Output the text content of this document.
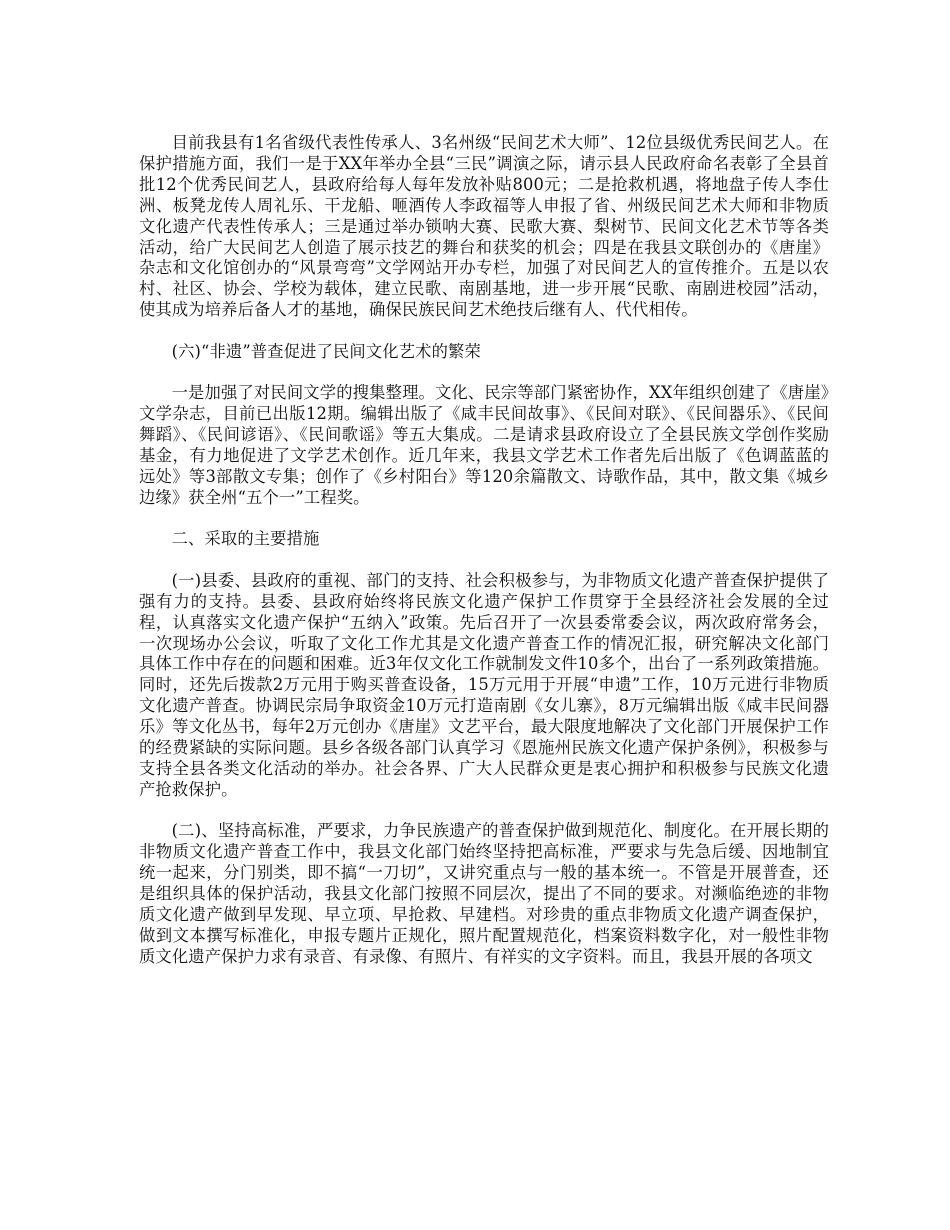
目前我县有1名省级代表性传承人、3名州级“民间艺术大师”、12位县级优秀民间艺人。在保护措施方面，我们一是于XX年举办全县“三民”调演之际，请示县人民政府命名表彰了全县首批12个优秀民间艺人，县政府给每人每年发放补贴800元；二是抢救机遇，将地盘子传人李仕洲、板凳龙传人周礼乐、干龙船、咂酒传人李政福等人申报了省、州级民间艺术大师和非物质文化遗产代表性传承人；三是通过举办锁呐大赛、民歌大赛、梨树节、民间文化艺术节等各类活动，给广大民间艺人创造了展示技艺的舞台和获奖的机会；四是在我县文联创办的《唐崖》杂志和文化馆创办的“风景弯弯”文学网站开办专栏，加强了对民间艺人的宣传推介。五是以农村、社区、协会、学校为载体，建立民歌、南剧基地，进一步开展“民歌、南剧进校园”活动，使其成为培养后备人才的基地，确保民族民间艺术绝技后继有人、代代相传。

(六)“非遗”普查促进了民间文化艺术的繁荣

一是加强了对民间文学的搜集整理。文化、民宗等部门紧密协作，XX年组织创建了《唐崖》文学杂志，目前已出版12期。编辑出版了《咸丰民间故事》、《民间对联》、《民间器乐》、《民间舞蹈》、《民间谚语》、《民间歌谣》等五大集成。二是请求县政府设立了全县民族文学创作奖励基金，有力地促进了文学艺术创作。近几年来，我县文学艺术工作者先后出版了《色调蓝蓝的远处》等3部散文专集；创作了《乡村阳台》等120余篇散文、诗歌作品，其中，散文集《城乡边缘》获全州“五个一”工程奖。

二、采取的主要措施

(一)县委、县政府的重视、部门的支持、社会积极参与，为非物质文化遗产普查保护提供了强有力的支持。县委、县政府始终将民族文化遗产保护工作贯穿于全县经济社会发展的全过程，认真落实文化遗产保护“五纳入”政策。先后召开了一次县委常委会议，两次政府常务会，一次现场办公会议，听取了文化工作尤其是文化遗产普查工作的情况汇报，研究解决文化部门具体工作中存在的问题和困难。近3年仅文化工作就制发文件10多个，出台了一系列政策措施。同时，还先后拨款2万元用于购买普查设备，15万元用于开展“申遗”工作，10万元进行非物质文化遗产普查。协调民宗局争取资金10万元打造南剧《女儿寨》，8万元编辑出版《咸丰民间器乐》等文化丛书，每年2万元创办《唐崖》文艺平台，最大限度地解决了文化部门开展保护工作的经费紧缺的实际问题。县乡各级各部门认真学习《恩施州民族文化遗产保护条例》，积极参与支持全县各类文化活动的举办。社会各界、广大人民群众更是衷心拥护和积极参与民族文化遗产抢救保护。

(二)、坚持高标准，严要求，力争民族遗产的普查保护做到规范化、制度化。在开展长期的非物质文化遗产普查工作中，我县文化部门始终坚持把高标准，严要求与先急后缓、因地制宜统一起来，分门别类，即不搞“一刀切”，又讲究重点与一般的基本统一。不管是开展普查，还是组织具体的保护活动，我县文化部门按照不同层次，提出了不同的要求。对濒临绝迹的非物质文化遗产做到早发现、早立项、早抢救、早建档。对珍贵的重点非物质文化遗产调查保护，做到文本撰写标准化，申报专题片正规化，照片配置规范化，档案资料数字化，对一般性非物质文化遗产保护力求有录音、有录像、有照片、有祥实的文字资料。而且，我县开展的各项文
